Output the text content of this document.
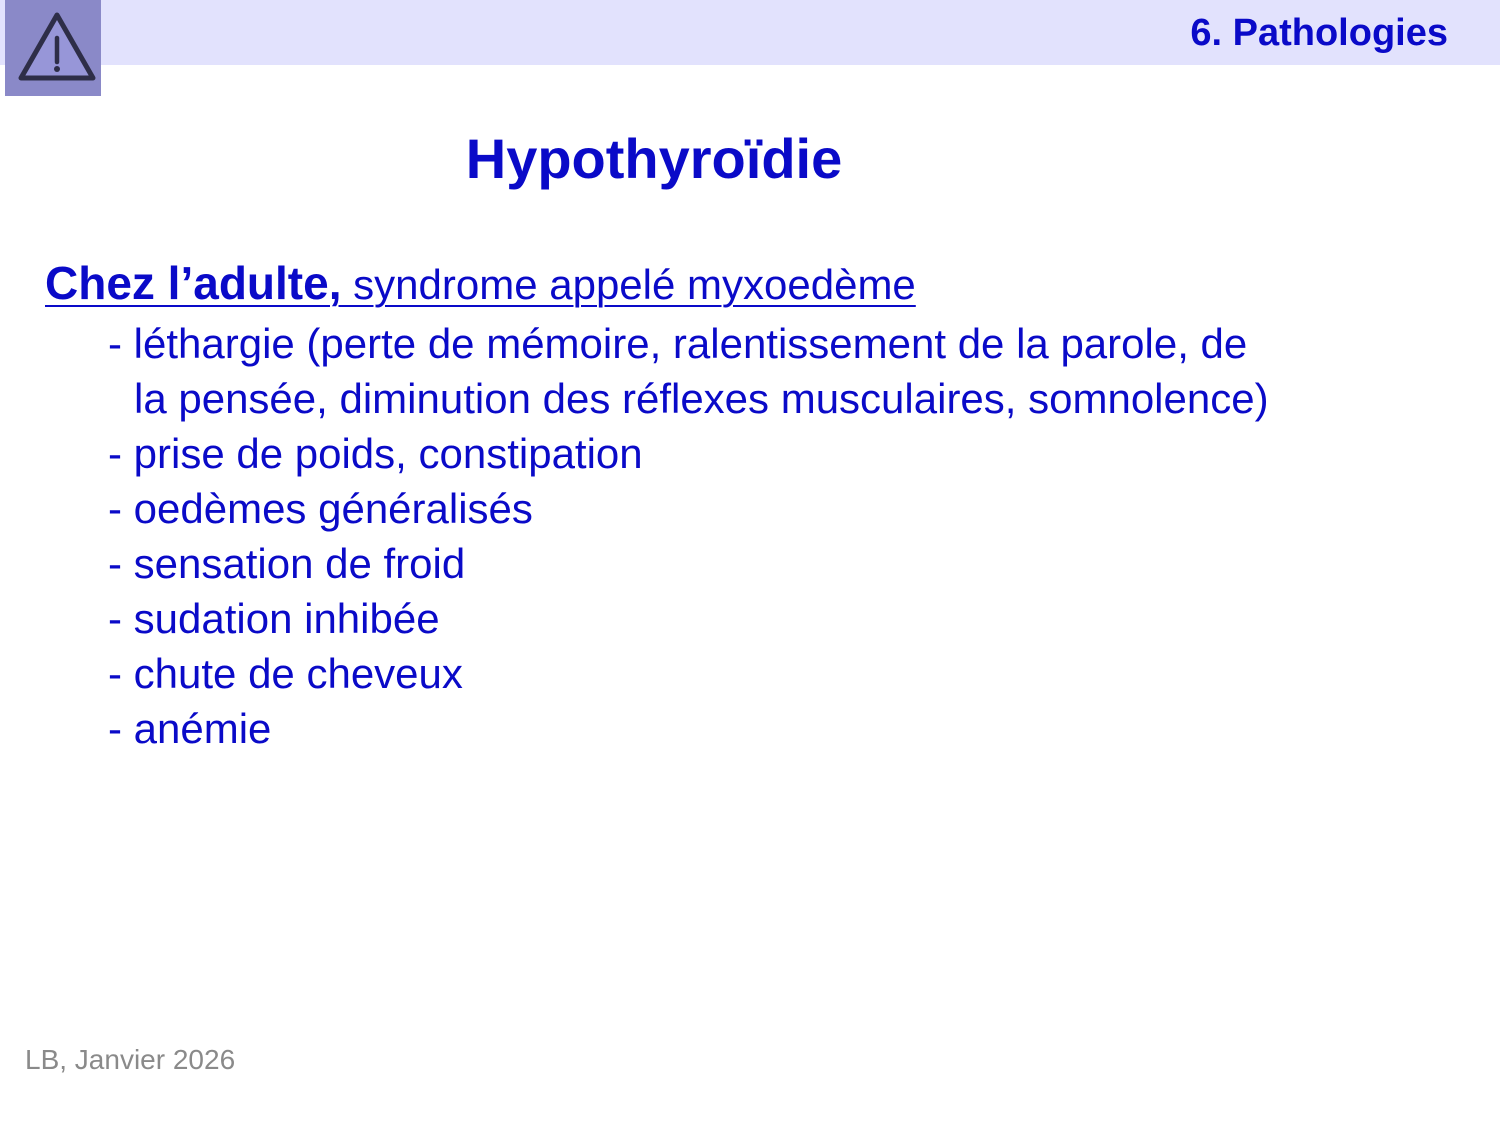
6. Pathologies
Hypothyroïdie
Chez l’adulte, syndrome appelé myxoedème
- léthargie (perte de mémoire, ralentissement de la parole, de
la pensée, diminution des réflexes musculaires, somnolence)
- prise de poids, constipation
- oedèmes généralisés
- sensation de froid
- sudation inhibée
- chute de cheveux
- anémie
LB, Janvier 2026
